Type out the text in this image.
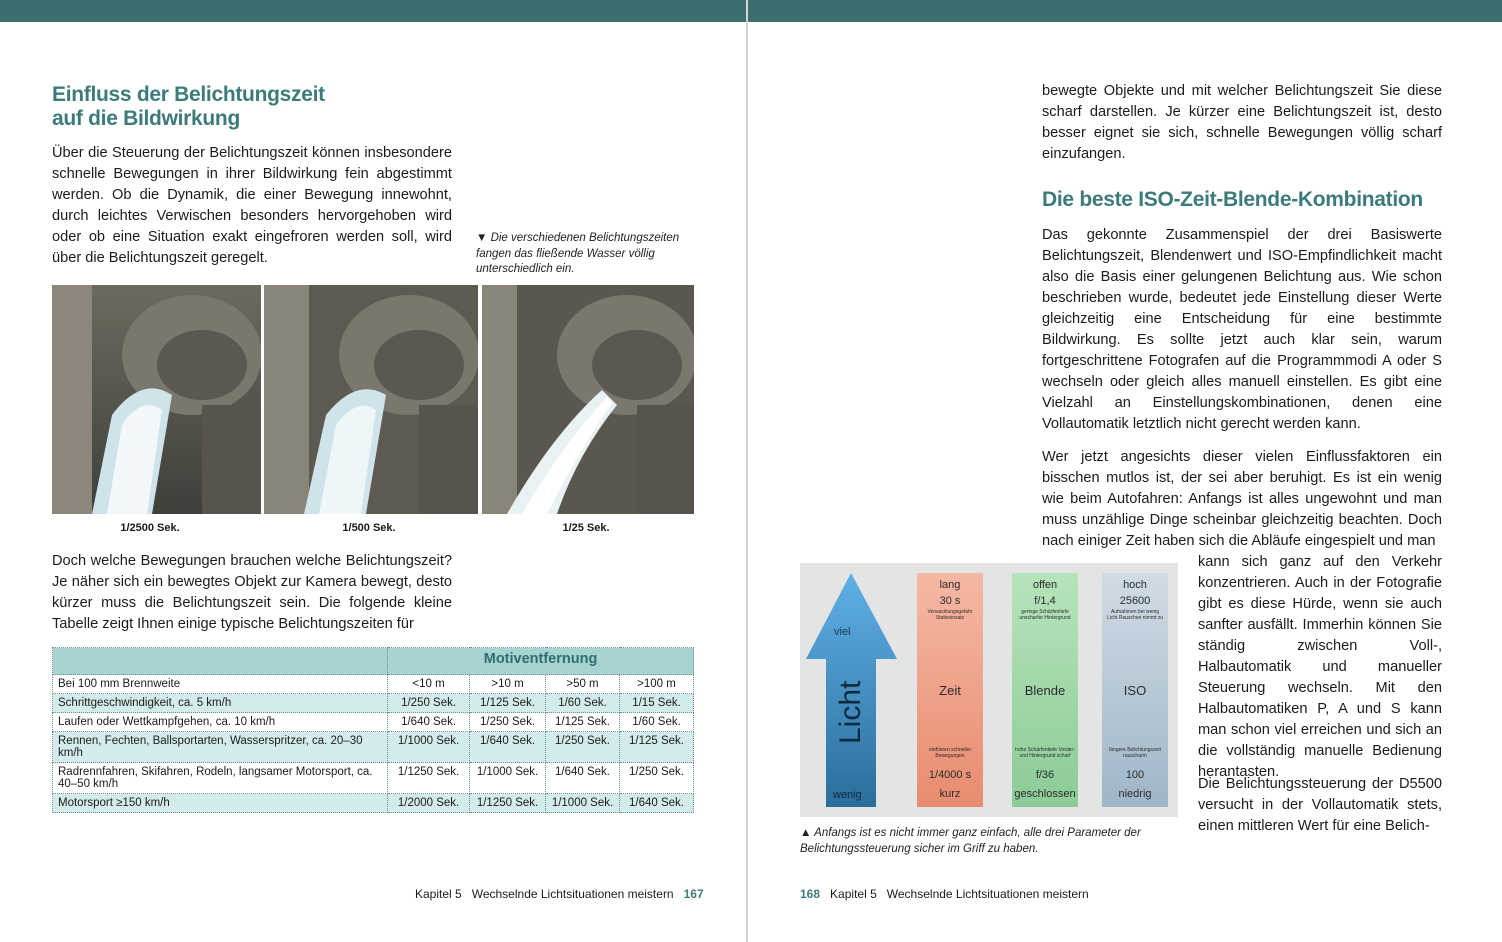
Einfluss der Belichtungszeit
auf die Bildwirkung
Über die Steuerung der Belichtungszeit können insbesondere schnelle Bewegungen in ihrer Bildwirkung fein abgestimmt werden. Ob die Dynamik, die einer Bewegung innewohnt, durch leichtes Verwischen besonders hervorgehoben wird oder ob eine Situation exakt eingefroren werden soll, wird über die Belichtungszeit geregelt.
▼ Die verschiedenen Belichtungszeiten fangen das fließende Wasser völlig unterschiedlich ein.
1/2500 Sek.	1/500 Sek.	1/25 Sek.
Doch welche Bewegungen brauchen welche Belichtungszeit? Je näher sich ein bewegtes Objekt zur Kamera bewegt, desto kürzer muss die Belichtungszeit sein. Die folgende kleine Tabelle zeigt Ihnen einige typische Belichtungszeiten für
	Motiventfernung			
Bei 100 mm Brennweite	<10 m	>10 m	>50 m	>100 m
Schrittgeschwindigkeit, ca. 5 km/h	1/250 Sek.	1/125 Sek.	1/60 Sek.	1/15 Sek.
Laufen oder Wettkampfgehen, ca. 10 km/h	1/640 Sek.	1/250 Sek.	1/125 Sek.	1/60 Sek.
Rennen, Fechten, Ballsportarten, Wasserspritzer, ca. 20–30 km/h	1/1000 Sek.	1/640 Sek.	1/250 Sek.	1/125 Sek.
Radrennfahren, Skifahren, Rodeln, langsamer Motorsport, ca. 40–50 km/h	1/1250 Sek.	1/1000 Sek.	1/640 Sek.	1/250 Sek.
Motorsport ≥150 km/h	1/2000 Sek.	1/1250 Sek.	1/1000 Sek.	1/640 Sek.
Kapitel 5 Wechselnde Lichtsituationen meistern 167
bewegte Objekte und mit welcher Belichtungszeit Sie diese scharf darstellen. Je kürzer eine Belichtungszeit ist, desto besser eignet sie sich, schnelle Bewegungen völlig scharf einzufangen.
Die beste ISO-Zeit-Blende-Kombination
Das gekonnte Zusammenspiel der drei Basiswerte Belichtungszeit, Blendenwert und ISO-Empfindlichkeit macht also die Basis einer gelungenen Belichtung aus. Wie schon beschrieben wurde, bedeutet jede Einstellung dieser Werte gleichzeitig eine Entscheidung für eine bestimmte Bildwirkung. Es sollte jetzt auch klar sein, warum fortgeschrittene Fotografen auf die Programmmodi A oder S wechseln oder gleich alles manuell einstellen. Es gibt eine Vielzahl an Einstellungskombinationen, denen eine Vollautomatik letztlich nicht gerecht werden kann.
Wer jetzt angesichts dieser vielen Einflussfaktoren ein bisschen mutlos ist, der sei aber beruhigt. Es ist ein wenig wie beim Autofahren: Anfangs ist alles ungewohnt und man muss unzählige Dinge scheinbar gleichzeitig beachten. Doch nach einiger Zeit haben sich die Abläufe eingespielt und man
kann sich ganz auf den Verkehr konzentrieren. Auch in der Fotografie gibt es diese Hürde, wenn sie auch sanfter ausfällt. Immerhin können Sie ständig zwischen Voll-, Halbautomatik und manueller Steuerung wechseln. Mit den Halbautomatiken P, A und S kann man schon viel erreichen und sich an die vollständig manuelle Bedienung herantasten.
Die Belichtungssteuerung der D5500 versucht in der Vollautomatik stets, einen mittleren Wert für eine Belich-
viel
Licht
wenig
lang
30 s
Verwacklungsgefahr Stativeinsatz
Zeit
einfrieren schneller Bewegungen
1/4000 s
kurz
offen
f/1,4
geringe Schärfentiefe unscharfer Hintergrund
Blende
hohe Schärfentiefe Vorder- und Hintergrund scharf
f/36
geschlossen
hoch
25600
Aufnahmen bei wenig Licht Rauschen nimmt zu
ISO
längere Belichtungszeit rauscharm
100
niedrig
▲ Anfangs ist es nicht immer ganz einfach, alle drei Parameter der Belichtungssteuerung sicher im Griff zu haben.
168 Kapitel 5 Wechselnde Lichtsituationen meistern
